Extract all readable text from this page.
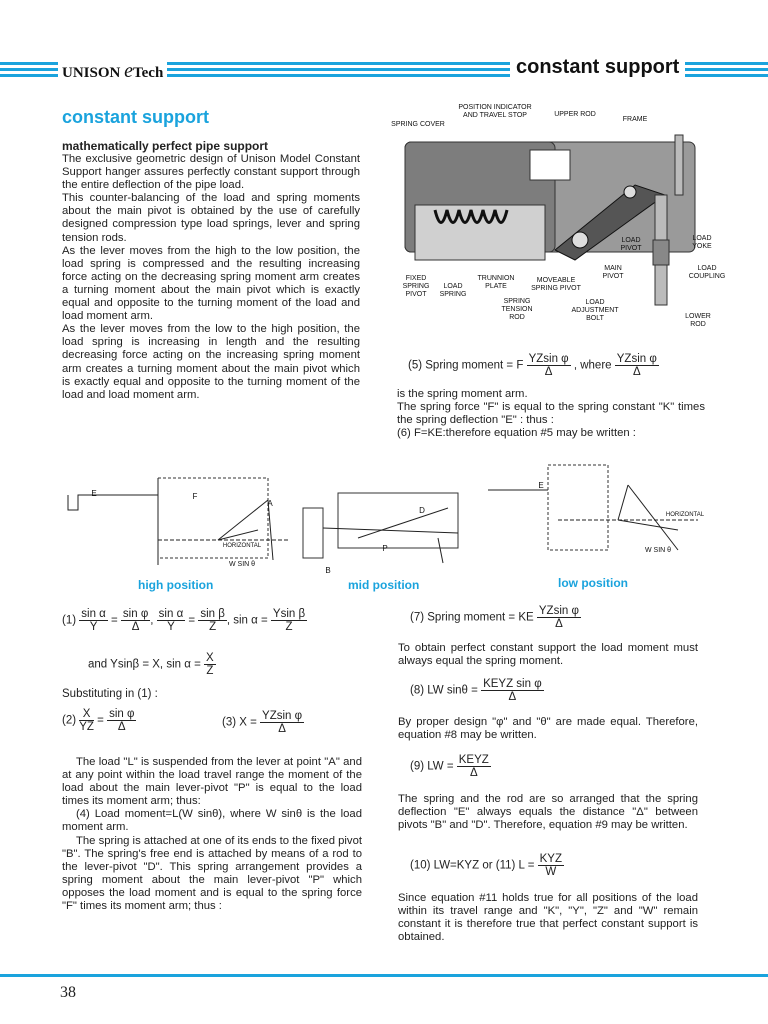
UNISON eTech	constant support
constant support
mathematically perfect pipe support

The exclusive geometric design of Unison Model Constant Support hanger assures perfectly constant support through the entire deflection of the pipe load.

This counter-balancing of the load and spring moments about the main pivot is obtained by the use of carefully designed compression type load springs, lever and spring tension rods.

As the lever moves from the high to the low position, the load spring is compressed and the resulting increasing force acting on the decreasing spring moment arm creates a turning moment about the main pivot which is exactly equal and opposite to the turning moment of the load and load moment arm.

As the lever moves from the low to the high position, the load spring is increasing in length and the resulting decreasing force acting on the increasing spring moment arm creates a turning moment about the main pivot which is exactly equal and opposite to the turning moment of the load and load moment arm.

POSITION INDICATOR AND TRAVEL STOP	UPPER ROD
FRAME
SPRING COVER
LOAD PIVOT
LOAD YOKE
MAIN PIVOT
LOAD COUPLING
FIXED SPRING PIVOT
LOAD SPRING
TRUNNION PLATE
MOVEABLE SPRING PIVOT
SPRING TENSION ROD
LOAD ADJUSTMENT BOLT	LOWER ROD
(5) Spring moment = F $\frac{\text{YZsin φ}}{\Delta}$ , where $\frac{\text{YZsin φ}}{\Delta}$

is the spring moment arm.

The spring force "F" is equal to the spring constant "K" times the spring deflection "E" : thus :

(6) F=KE:therefore equation #5 may be written :

E	F
A
HORIZONTAL
W SIN θ
B
P
D
E
HORIZONTAL
W SIN θ
high position	mid position	low position
$(1) \frac{\text{sin α}}{Y} = \frac{\text{sin φ}}{\Delta}$ , $\frac{\text{sin α}}{Y} = \frac{\text{sin β}}{Z}$ , $\sin \alpha = \frac{\text{Ysin β}}{Z}$
and Ysinβ = X, $\sin \alpha = \frac{X}{Z}$
Substituting in (1) :
$(2) \frac{X}{YZ} = \frac{\text{sin φ}}{\Delta}$	(3) $X = \frac{\text{YZsin φ}}{\Delta}$

The load "L" is suspended from the lever at point "A" and at any point within the load travel range the moment of the load about the main lever-pivot "P" is equal to the load times its moment arm; thus:

(4) Load moment=L(W sinθ), where W sinθ is the load moment arm.

The spring is attached at one of its ends to the fixed pivot "B". The spring's free end is attached by means of a rod to the lever-pivot "D". This spring arrangement provides a spring moment about the main lever-pivot "P" which opposes the load moment and is equal to the spring force "F" times its moment arm; thus :

(7) Spring moment = KE $\frac{\text{YZsin φ}}{\Delta}$
To obtain perfect constant support the load moment must always equal the spring moment.
(8) LW $\sin\theta = \frac{\text{KEYZ sin φ}}{\Delta}$
By proper design "φ" and "θ" are made equal. Therefore, equation #8 may be written.
(9) LW = $\frac{\text{KEYZ}}{\Delta}$
The spring and the rod are so arranged that the spring deflection "E" always equals the distance "Δ" between pivots "B" and "D". Therefore, equation #9 may be written.
(10) LW=KYZ or (11) $L = \frac{\text{KYZ}}{W}$
Since equation #11 holds true for all positions of the load within its travel range and "K", "Y", "Z" and "W" remain constant it is therefore true that perfect constant support is obtained.
38
